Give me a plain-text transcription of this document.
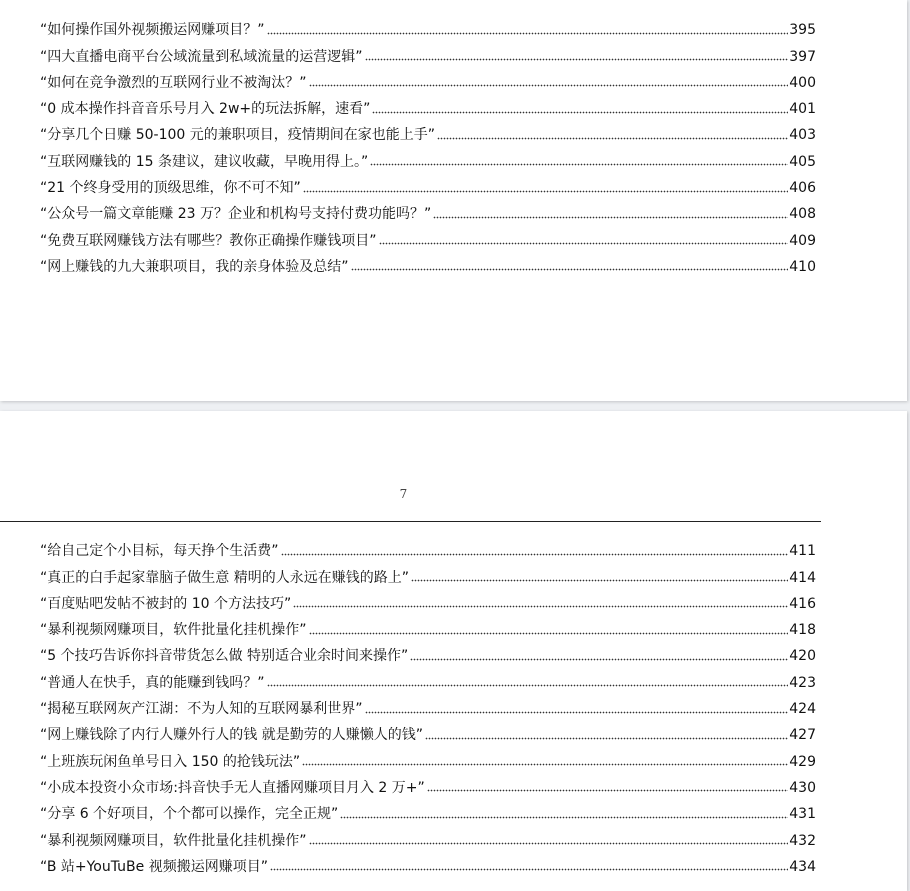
“如何操作国外视频搬运网赚项目？”	395
“四大直播电商平台公域流量到私域流量的运营逻辑”	397
“如何在竞争激烈的互联网行业不被淘汰？”	400
“0 成本操作抖音音乐号月入 2w+的玩法拆解，速看”	401
“分享几个日赚 50-100 元的兼职项目，疫情期间在家也能上手”	403
“互联网赚钱的 15 条建议，建议收藏，早晚用得上。”	405
“21 个终身受用的顶级思维，你不可不知”	406
“公众号一篇文章能赚 23 万？企业和机构号支持付费功能吗？”	408
“免费互联网赚钱方法有哪些？教你正确操作赚钱项目”	409
“网上赚钱的九大兼职项目，我的亲身体验及总结”	410
7
“给自己定个小目标，每天挣个生活费”	411
“真正的白手起家靠脑子做生意 精明的人永远在赚钱的路上”	414
“百度贴吧发帖不被封的 10 个方法技巧”	416
“暴利视频网赚项目，软件批量化挂机操作”	418
“5 个技巧告诉你抖音带货怎么做 特别适合业余时间来操作”	420
“普通人在快手，真的能赚到钱吗？”	423
“揭秘互联网灰产江湖：不为人知的互联网暴利世界”	424
“网上赚钱除了内行人赚外行人的钱 就是勤劳的人赚懒人的钱”	427
“上班族玩闲鱼单号日入 150 的抢钱玩法”	429
“小成本投资小众市场:抖音快手无人直播网赚项目月入 2 万+”	430
“分享 6 个好项目，个个都可以操作，完全正规”	431
“暴利视频网赚项目，软件批量化挂机操作”	432
“B 站+YouTuBe 视频搬运网赚项目”	434
